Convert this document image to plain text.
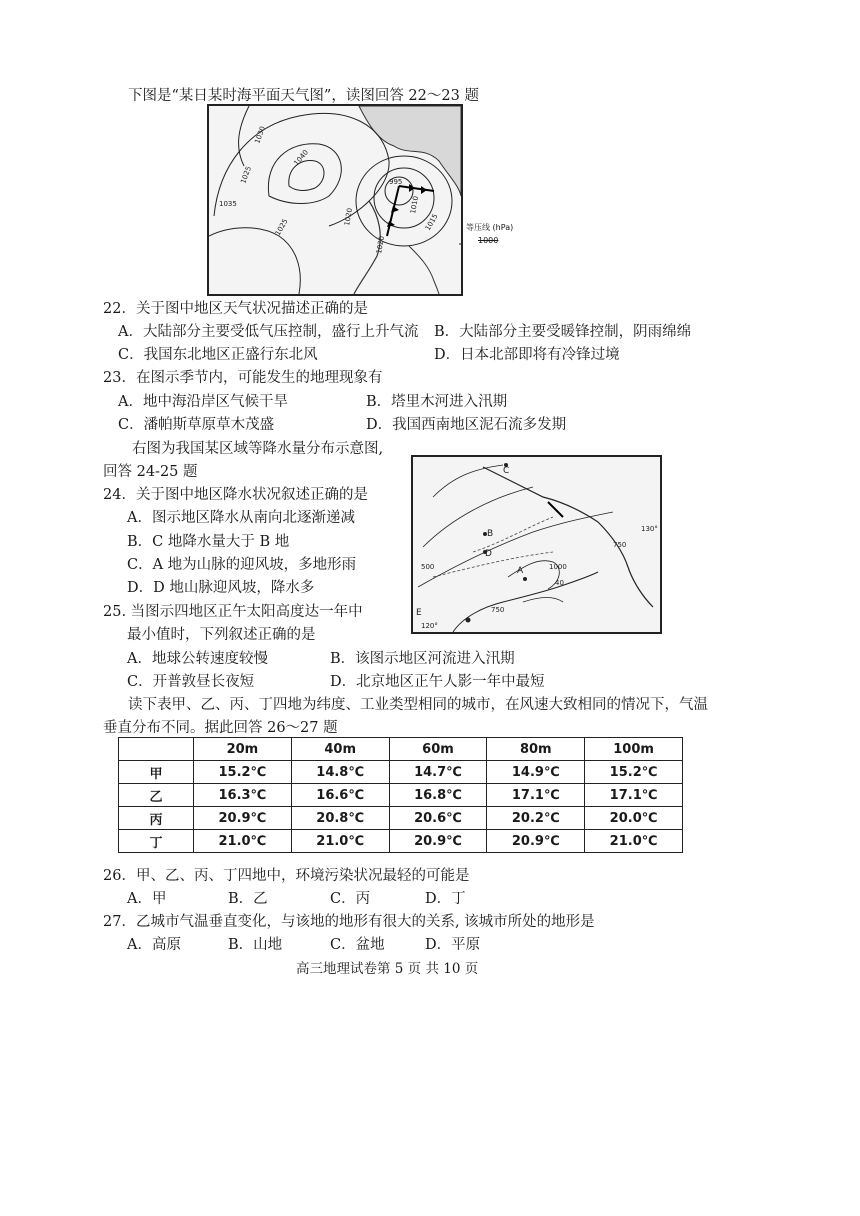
下图是“某日某时海平面天气图”，读图回答 22～23 题
1030
1040
1025
1035
1025
1020
995
1010
1015
1020
等压线 (hPa)
1000
22．关于图中地区天气状况描述正确的是
A．大陆部分主要受低气压控制，盛行上升气流 B．大陆部分主要受暖锋控制，阴雨绵绵
C．我国东北地区正盛行东北风	D．日本北部即将有冷锋过境
23．在图示季节内，可能发生的地理现象有
A．地中海沿岸区气候干旱	B．塔里木河进入汛期
C．潘帕斯草原草木茂盛	D．我国西南地区泥石流多发期
右图为我国某区域等降水量分布示意图,
回答 24-25 题	C
B
D
A
E
750
1000
40
750
500
130°
120°
24．关于图中地区降水状况叙述正确的是
A．图示地区降水从南向北逐渐递减
B．C 地降水量大于 B 地
C．A 地为山脉的迎风坡，多地形雨
D．D 地山脉迎风坡，降水多
25. 当图示四地区正午太阳高度达一年中
最小值时，下列叙述正确的是
A．地球公转速度较慢	B．该图示地区河流进入汛期
C．开普敦昼长夜短	D．北京地区正午人影一年中最短
读下表甲、乙、丙、丁四地为纬度、工业类型相同的城市，在风速大致相同的情况下，气温
垂直分布不同。据此回答 26～27 题
	20m	40m	60m	80m	100m
甲	15.2℃	14.8℃	14.7℃	14.9℃	15.2℃
乙	16.3℃	16.6℃	16.8℃	17.1℃	17.1℃
丙	20.9℃	20.8℃	20.6℃	20.2℃	20.0℃
丁	21.0℃	21.0℃	20.9℃	20.9℃	21.0℃
26．甲、乙、丙、丁四地中，环境污染状况最轻的可能是
A．甲	B．乙	C．丙	D．丁
27．乙城市气温垂直变化，与该地的地形有很大的关系, 该城市所处的地形是
A．高原	B．山地	C．盆地	D．平原
高三地理试卷第 5 页 共 10 页
